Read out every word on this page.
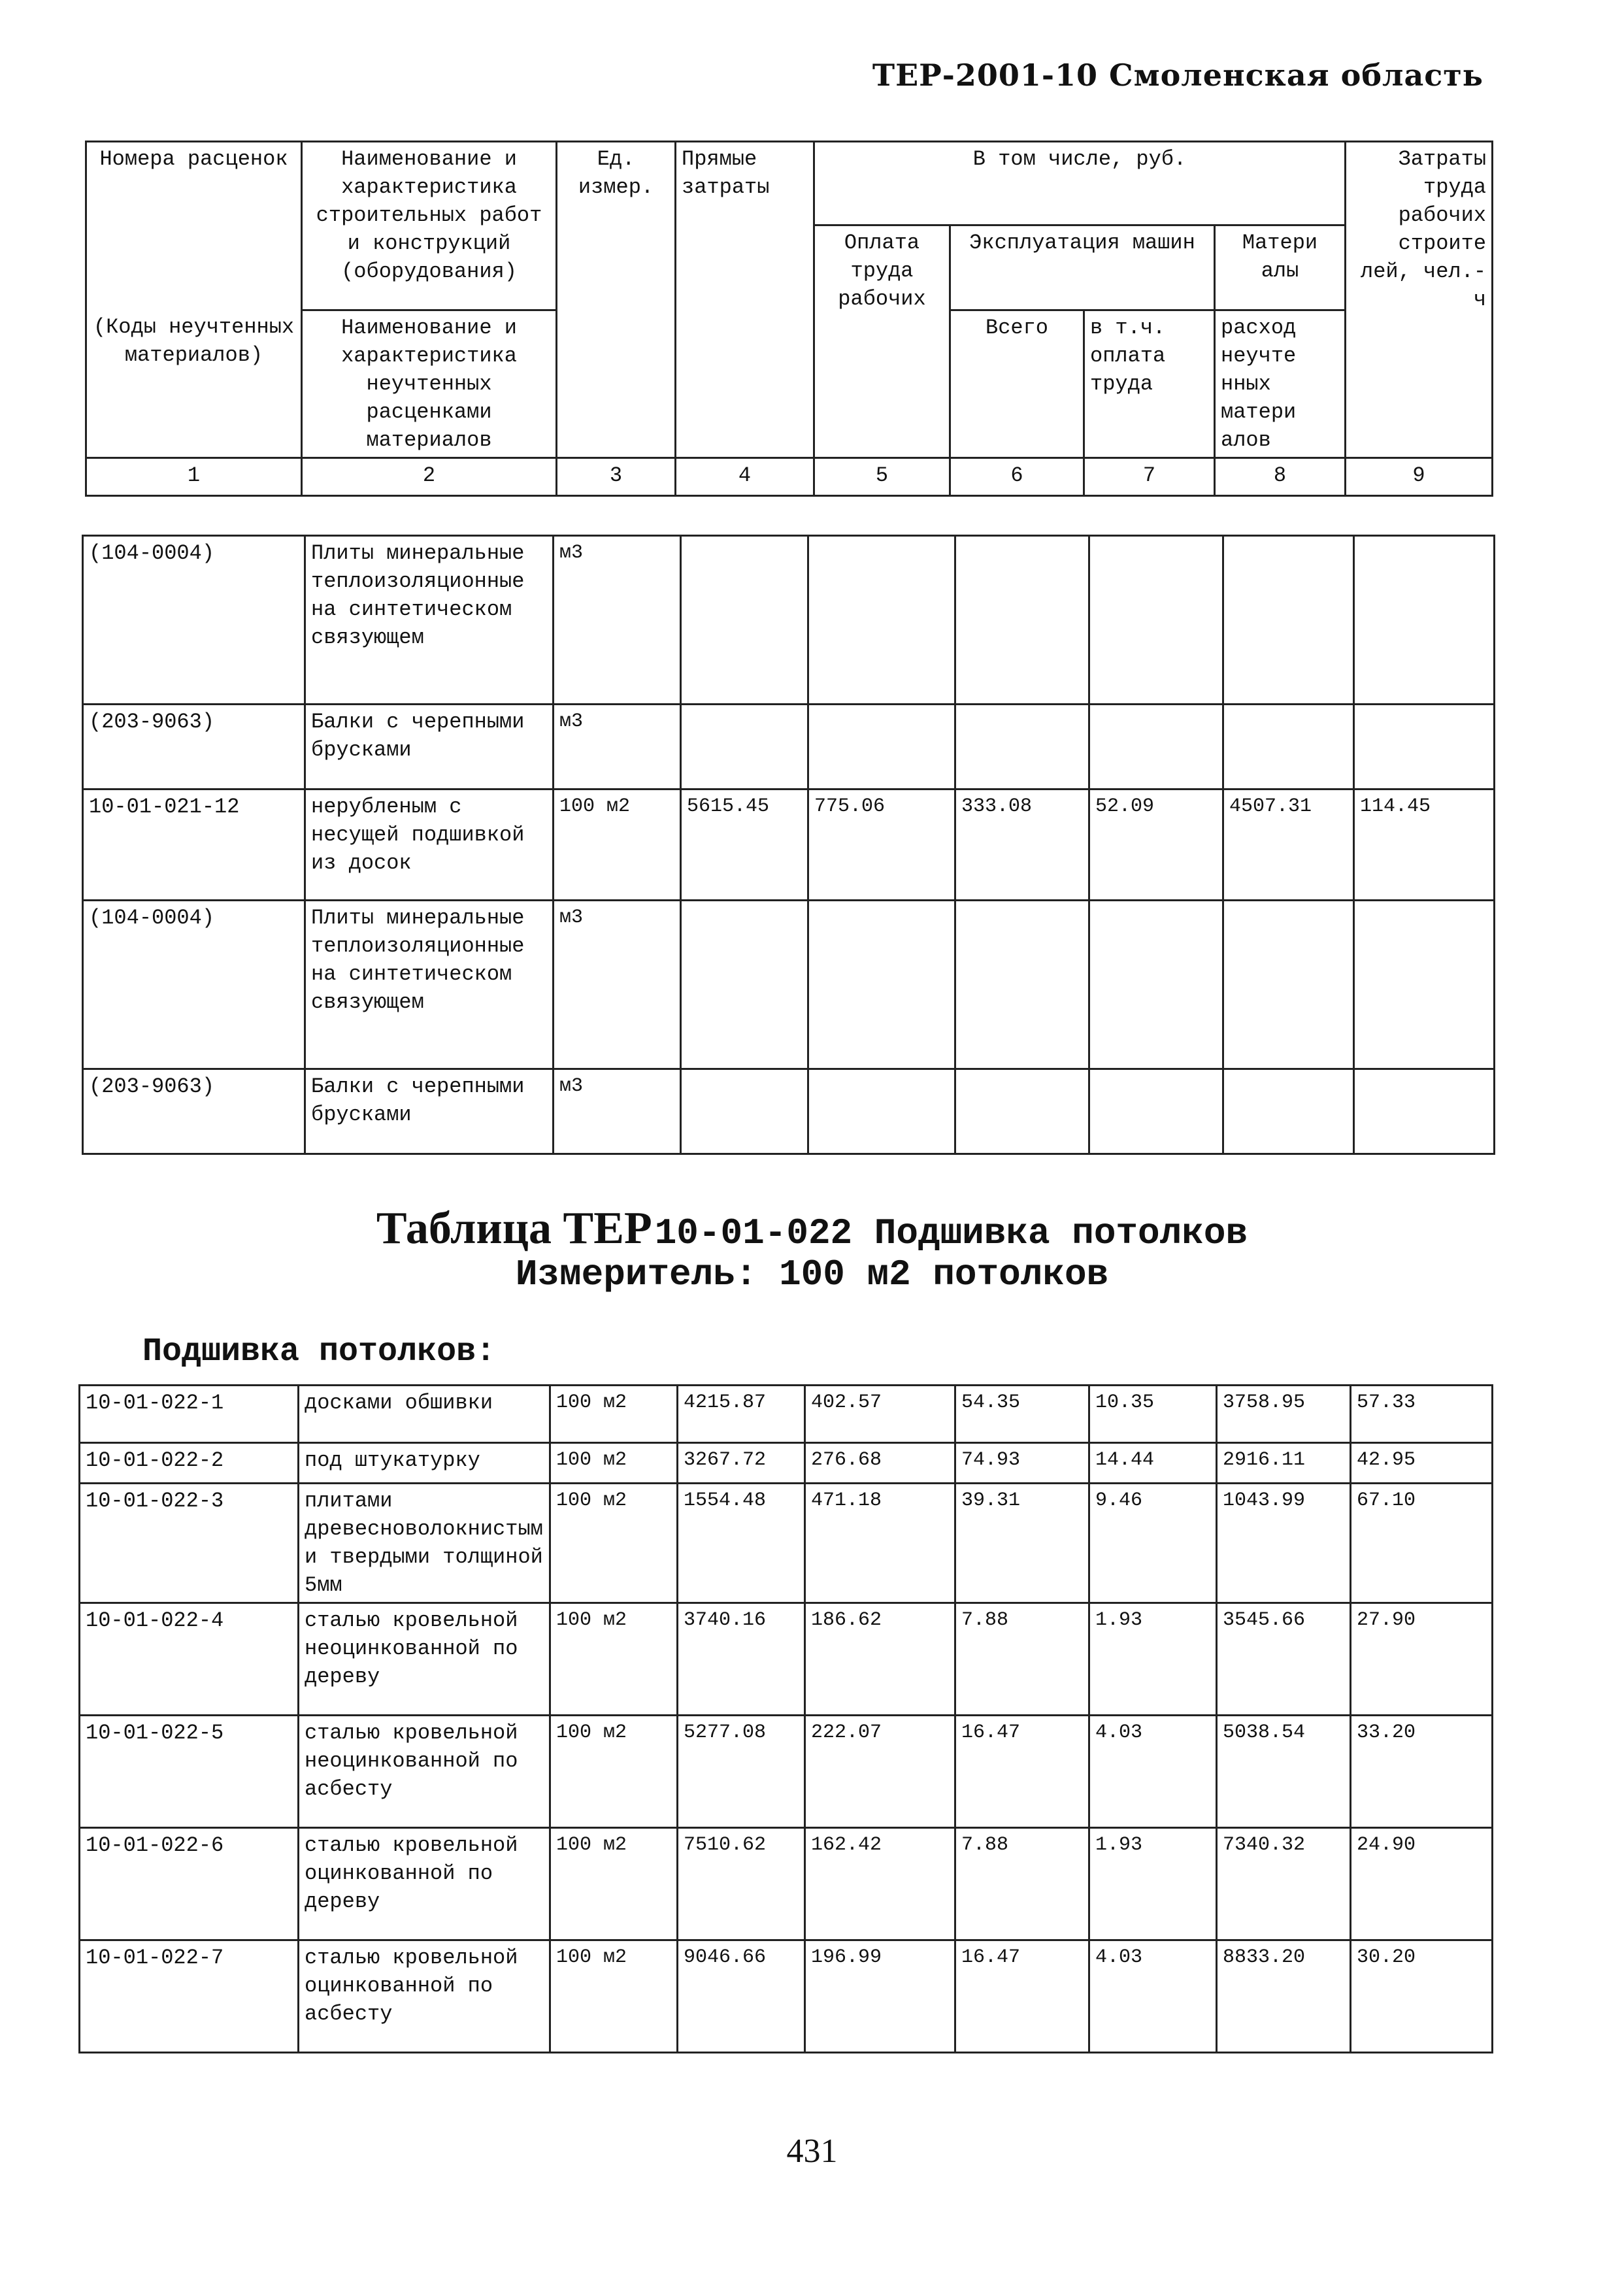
ТЕР-2001-10 Смоленская область
Номера расценок	Наименование и характеристика строительных работ и конструкций (оборудования)	Ед. измер.	Прямые затраты	В том числе, руб.				Затраты труда рабочих строите лей, чел.-ч
				Оплата труда рабочих	Эксплуатация машин		Матери алы	
(Коды неучтенных материалов)	Наименование и характеристика неучтенных расценками материалов				Всего	в т.ч. оплата труда	расход неучте нных матери алов	
1	2	3	4	5	6	7	8	9
(104-0004)	Плиты минеральные теплоизоляционные на синтетическом связующем	м3						
(203-9063)	Балки с черепными брусками	м3						
10-01-021-12	нерубленым с несущей подшивкой из досок	100 м2	5615.45	775.06	333.08	52.09	4507.31	114.45
(104-0004)	Плиты минеральные теплоизоляционные на синтетическом связующем	м3						
(203-9063)	Балки с черепными брусками	м3						
Таблица ТЕР 10-01-022 Подшивка потолков
Измеритель: 100 м2 потолков
Подшивка потолков:
10-01-022-1	досками обшивки	100 м2	4215.87	402.57	54.35	10.35	3758.95	57.33
10-01-022-2	под штукатурку	100 м2	3267.72	276.68	74.93	14.44	2916.11	42.95
10-01-022-3	плитами древесноволокнистыми твердыми толщиной 5мм	100 м2	1554.48	471.18	39.31	9.46	1043.99	67.10
10-01-022-4	сталью кровельной неоцинкованной по дереву	100 м2	3740.16	186.62	7.88	1.93	3545.66	27.90
10-01-022-5	сталью кровельной неоцинкованной по асбесту	100 м2	5277.08	222.07	16.47	4.03	5038.54	33.20
10-01-022-6	сталью кровельной оцинкованной по дереву	100 м2	7510.62	162.42	7.88	1.93	7340.32	24.90
10-01-022-7	сталью кровельной оцинкованной по асбесту	100 м2	9046.66	196.99	16.47	4.03	8833.20	30.20
431
